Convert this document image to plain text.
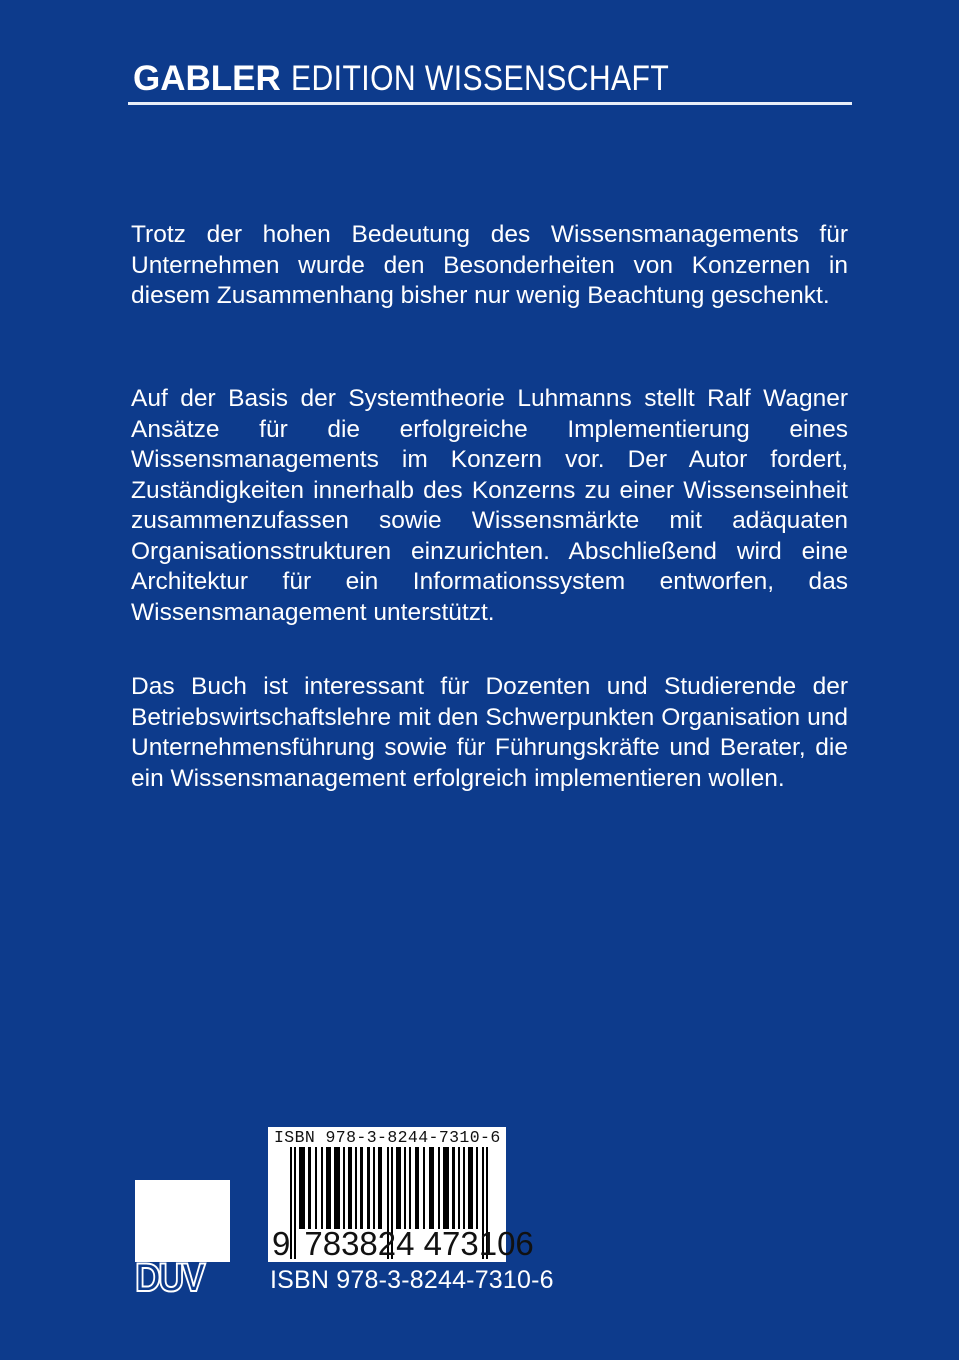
GABLER EDITION WISSENSCHAFT

Trotz der hohen Bedeutung des Wissensmanagements für Unternehmen wurde den Besonderheiten von Konzernen in diesem Zusammenhang bisher nur wenig Beachtung geschenkt.

Auf der Basis der Systemtheorie Luhmanns stellt Ralf Wagner Ansätze für die erfolgreiche Implementierung eines Wissensmanagements im Konzern vor. Der Autor fordert, Zuständigkeiten innerhalb des Konzerns zu einer Wissenseinheit zusammenzufassen sowie Wissensmärkte mit adäquaten Organisationsstrukturen einzurichten. Abschließend wird eine Architektur für ein Informationssystem entworfen, das Wissensmanagement unterstützt.

Das Buch ist interessant für Dozenten und Studierende der Betriebswirtschaftslehre mit den Schwerpunkten Organisation und Unternehmensführung sowie für Führungskräfte und Berater, die ein Wissensmanagement erfolgreich implementieren wollen.

DUV
ISBN 978-3-8244-7310-6
9 783824 473106
ISBN 978-3-8244-7310-6
